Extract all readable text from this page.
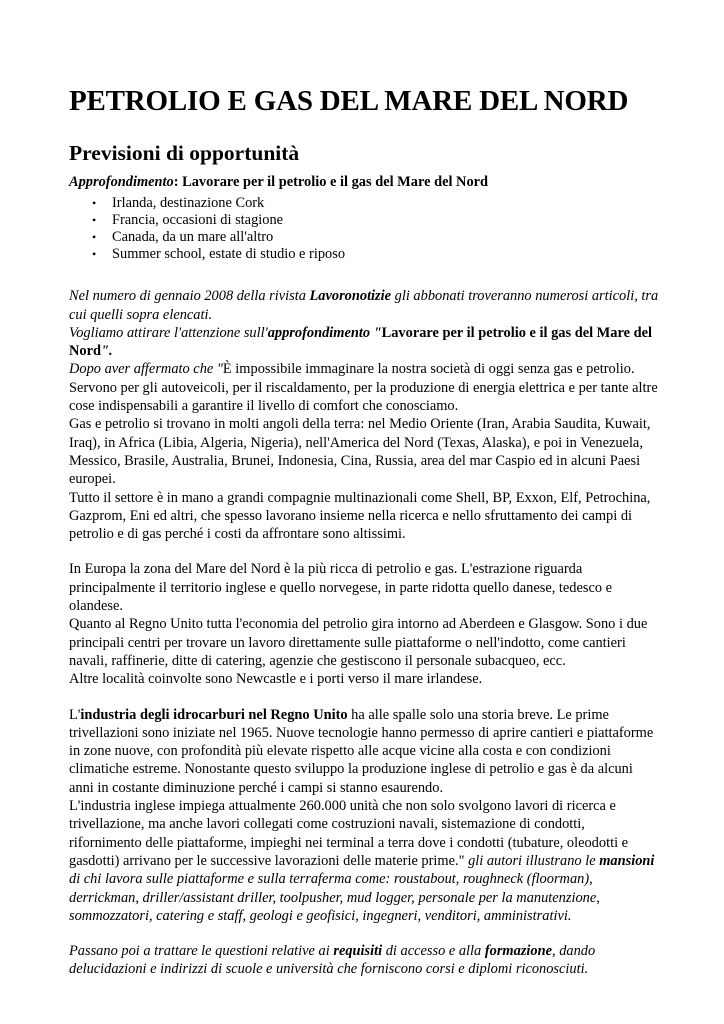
PETROLIO E GAS DEL MARE DEL NORD
Previsioni di opportunità

Approfondimento: Lavorare per il petrolio e il gas del Mare del Nord

• Irlanda, destinazione Cork
• Francia, occasioni di stagione
• Canada, da un mare all'altro
• Summer school, estate di studio e riposo

Nel numero di gennaio 2008 della rivista Lavoronotizie gli abbonati troveranno numerosi articoli, tra cui quelli sopra elencati.

Vogliamo attirare l'attenzione sull'approfondimento "Lavorare per il petrolio e il gas del Mare del Nord".

Dopo aver affermato che "È impossibile immaginare la nostra società di oggi senza gas e petrolio. Servono per gli autoveicoli, per il riscaldamento, per la produzione di energia elettrica e per tante altre cose indispensabili a garantire il livello di comfort che conosciamo.

Gas e petrolio si trovano in molti angoli della terra: nel Medio Oriente (Iran, Arabia Saudita, Kuwait, Iraq), in Africa (Libia, Algeria, Nigeria), nell'America del Nord (Texas, Alaska), e poi in Venezuela, Messico, Brasile, Australia, Brunei, Indonesia, Cina, Russia, area del mar Caspio ed in alcuni Paesi europei.

Tutto il settore è in mano a grandi compagnie multinazionali come Shell, BP, Exxon, Elf, Petrochina, Gazprom, Eni ed altri, che spesso lavorano insieme nella ricerca e nello sfruttamento dei campi di petrolio e di gas perché i costi da affrontare sono altissimi.

In Europa la zona del Mare del Nord è la più ricca di petrolio e gas. L'estrazione riguarda principalmente il territorio inglese e quello norvegese, in parte ridotta quello danese, tedesco e olandese.

Quanto al Regno Unito tutta l'economia del petrolio gira intorno ad Aberdeen e Glasgow. Sono i due principali centri per trovare un lavoro direttamente sulle piattaforme o nell'indotto, come cantieri navali, raffinerie, ditte di catering, agenzie che gestiscono il personale subacqueo, ecc.

Altre località coinvolte sono Newcastle e i porti verso il mare irlandese.

L'industria degli idrocarburi nel Regno Unito ha alle spalle solo una storia breve. Le prime trivellazioni sono iniziate nel 1965. Nuove tecnologie hanno permesso di aprire cantieri e piattaforme in zone nuove, con profondità più elevate rispetto alle acque vicine alla costa e con condizioni climatiche estreme. Nonostante questo sviluppo la produzione inglese di petrolio e gas è da alcuni anni in costante diminuzione perché i campi si stanno esaurendo.

L'industria inglese impiega attualmente 260.000 unità che non solo svolgono lavori di ricerca e trivellazione, ma anche lavori collegati come costruzioni navali, sistemazione di condotti, rifornimento delle piattaforme, impieghi nei terminal a terra dove i condotti (tubature, oleodotti e gasdotti) arrivano per le successive lavorazioni delle materie prime." gli autori illustrano le mansioni di chi lavora sulle piattaforme e sulla terraferma come: roustabout, roughneck (floorman), derrickman, driller/assistant driller, toolpusher, mud logger, personale per la manutenzione, sommozzatori, catering e staff, geologi e geofisici, ingegneri, venditori, amministrativi.

Passano poi a trattare le questioni relative ai requisiti di accesso e alla formazione, dando delucidazioni e indirizzi di scuole e università che forniscono corsi e diplomi riconosciuti.
